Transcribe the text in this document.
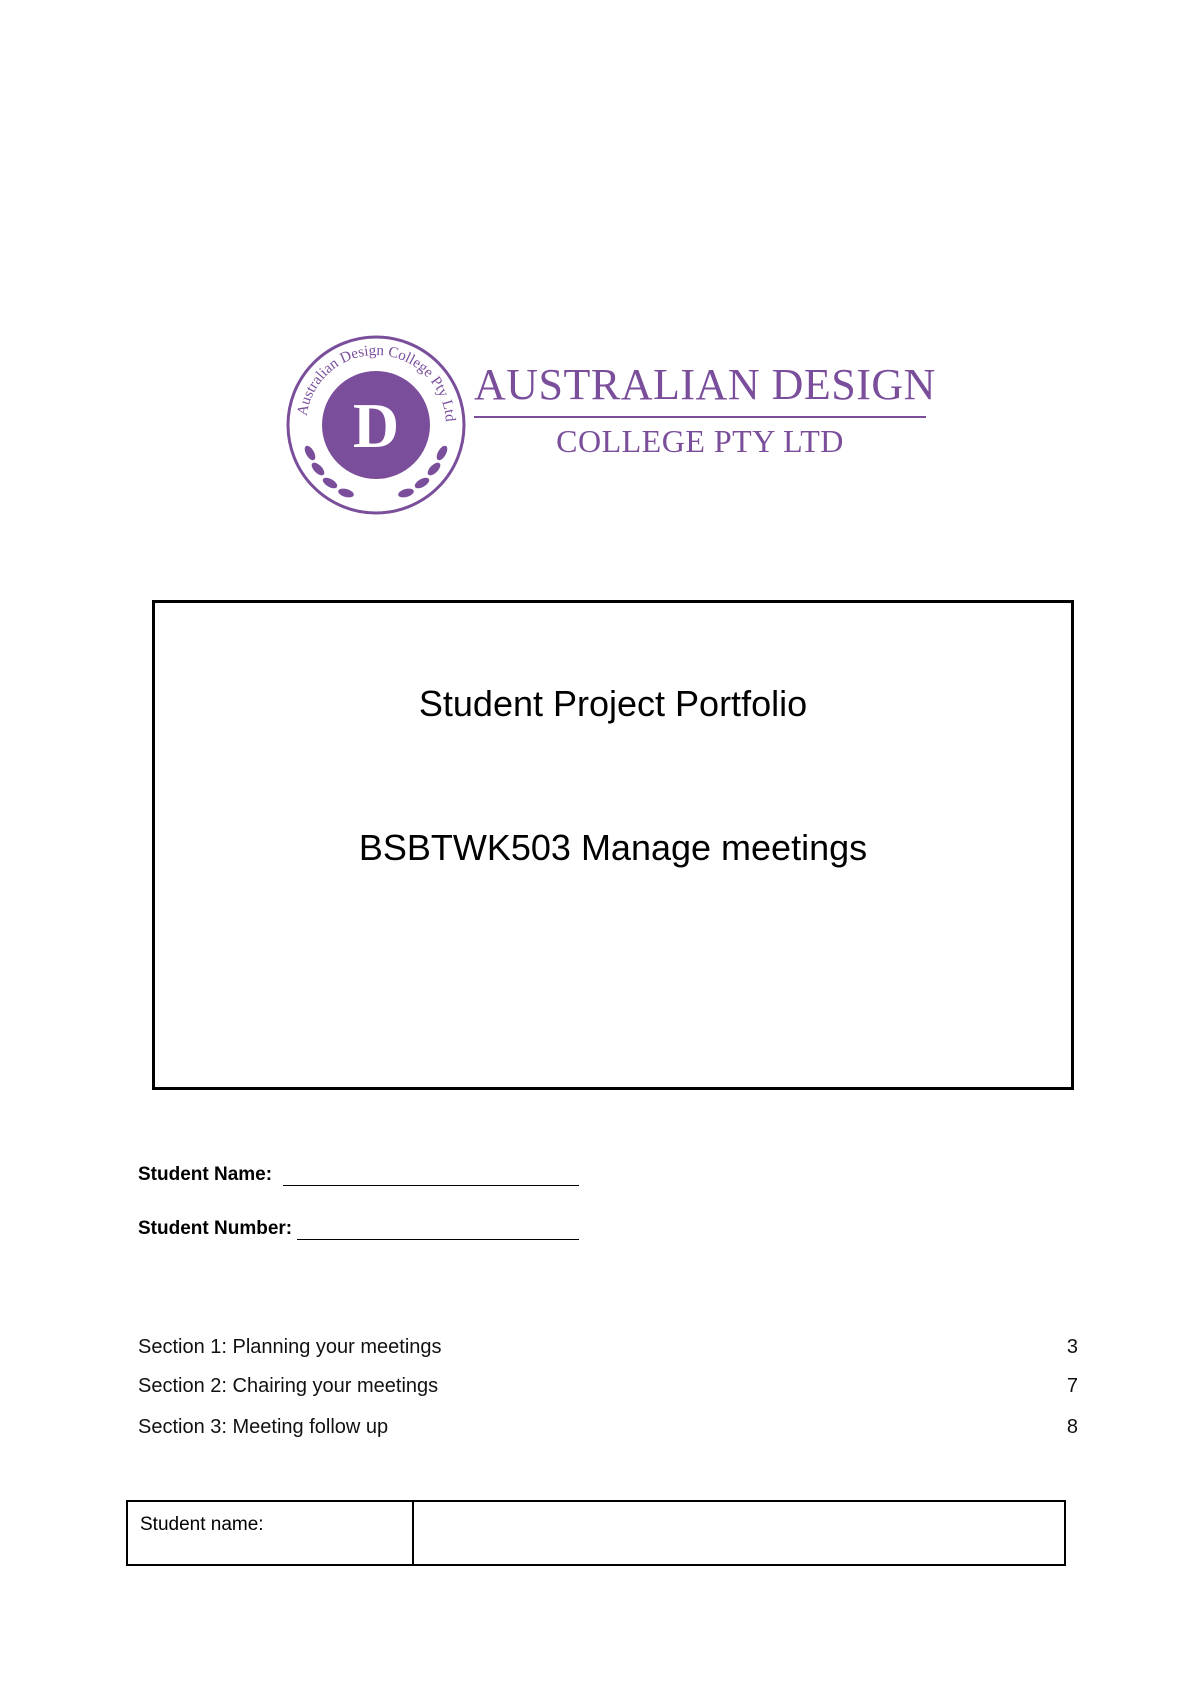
Australian Design College Pty Ltd
D
AUSTRALIAN DESIGN
COLLEGE PTY LTD
Student Project Portfolio
BSBTWK503 Manage meetings
Student Name:
Student Number:
Section 1: Planning your meetings	3
Section 2: Chairing your meetings	7
Section 3: Meeting follow up	8
Student name:
